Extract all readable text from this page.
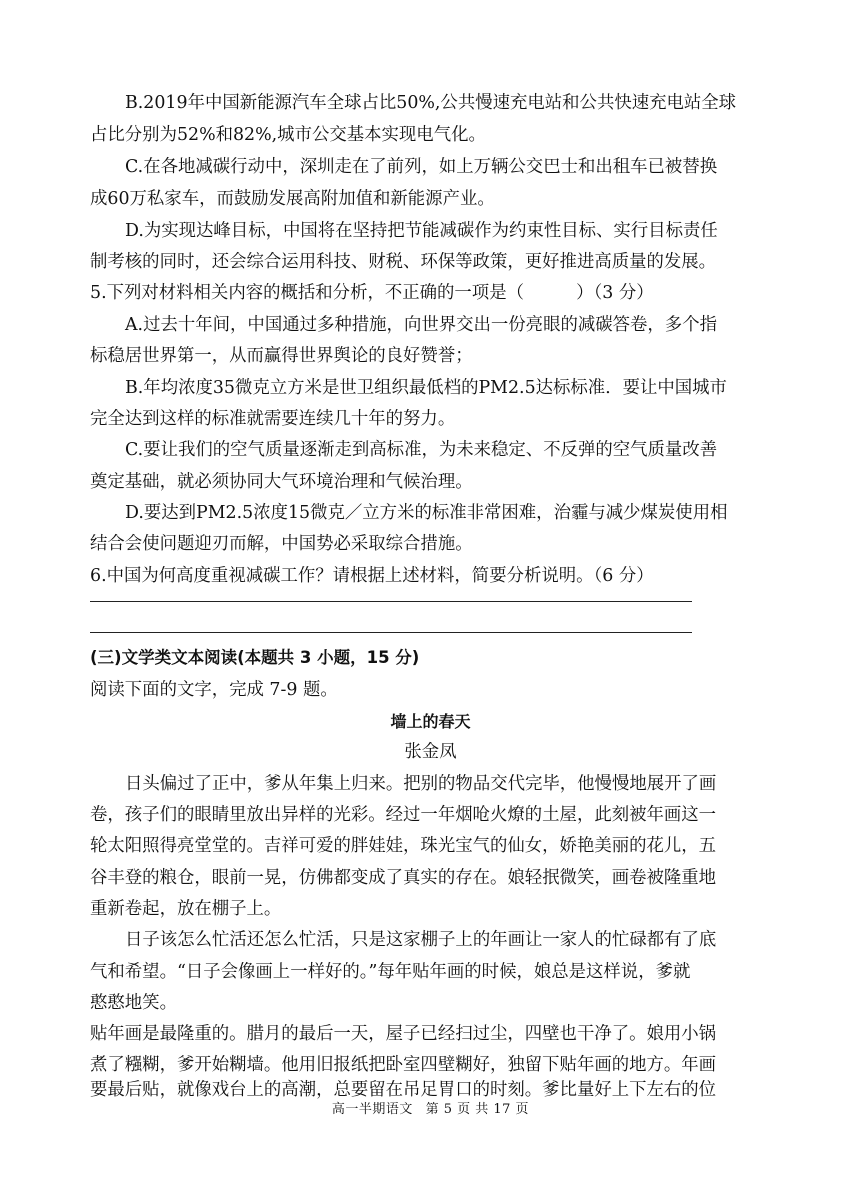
B.2019年中国新能源汽车全球占比50%,公共慢速充电站和公共快速充电站全球
占比分别为52%和82%,城市公交基本实现电气化。
C.在各地减碳行动中，深圳走在了前列，如上万辆公交巴士和出租车已被替换
成60万私家车，而鼓励发展高附加值和新能源产业。
D.为实现达峰目标，中国将在坚持把节能减碳作为约束性目标、实行目标责任
制考核的同时，还会综合运用科技、财税、环保等政策，更好推进高质量的发展。
5.下列对材料相关内容的概括和分析，不正确的一项是（　　　）（3 分）
A.过去十年间，中国通过多种措施，向世界交出一份亮眼的减碳答卷，多个指
标稳居世界第一，从而赢得世界舆论的良好赞誉；
B.年均浓度35微克立方米是世卫组织最低档的PM2.5达标标准．要让中国城市
完全达到这样的标准就需要连续几十年的努力。
C.要让我们的空气质量逐渐走到高标准，为未来稳定、不反弹的空气质量改善
奠定基础，就必须协同大气环境治理和气候治理。
D.要达到PM2.5浓度15微克／立方米的标准非常困难，治霾与减少煤炭使用相
结合会使问题迎刃而解，中国势必采取综合措施。
6.中国为何高度重视减碳工作？请根据上述材料，简要分析说明。（6 分）
(三)文学类文本阅读(本题共 3 小题，15 分)
阅读下面的文字，完成 7-9 题。
墙上的春天
张金凤
日头偏过了正中，爹从年集上归来。把别的物品交代完毕，他慢慢地展开了画
卷，孩子们的眼睛里放出异样的光彩。经过一年烟呛火燎的土屋，此刻被年画这一
轮太阳照得亮堂堂的。吉祥可爱的胖娃娃，珠光宝气的仙女，娇艳美丽的花儿，五
谷丰登的粮仓，眼前一晃，仿佛都变成了真实的存在。娘轻抿微笑，画卷被隆重地
重新卷起，放在棚子上。
日子该怎么忙活还怎么忙活，只是这家棚子上的年画让一家人的忙碌都有了底
气和希望。“日子会像画上一样好的。”每年贴年画的时候，娘总是这样说，爹就
憨憨地笑。
贴年画是最隆重的。腊月的最后一天，屋子已经扫过尘，四壁也干净了。娘用小锅
煮了糨糊，爹开始糊墙。他用旧报纸把卧室四壁糊好，独留下贴年画的地方。年画
要最后贴，就像戏台上的高潮，总要留在吊足胃口的时刻。爹比量好上下左右的位
高一半期语文 第 5 页 共 17 页
